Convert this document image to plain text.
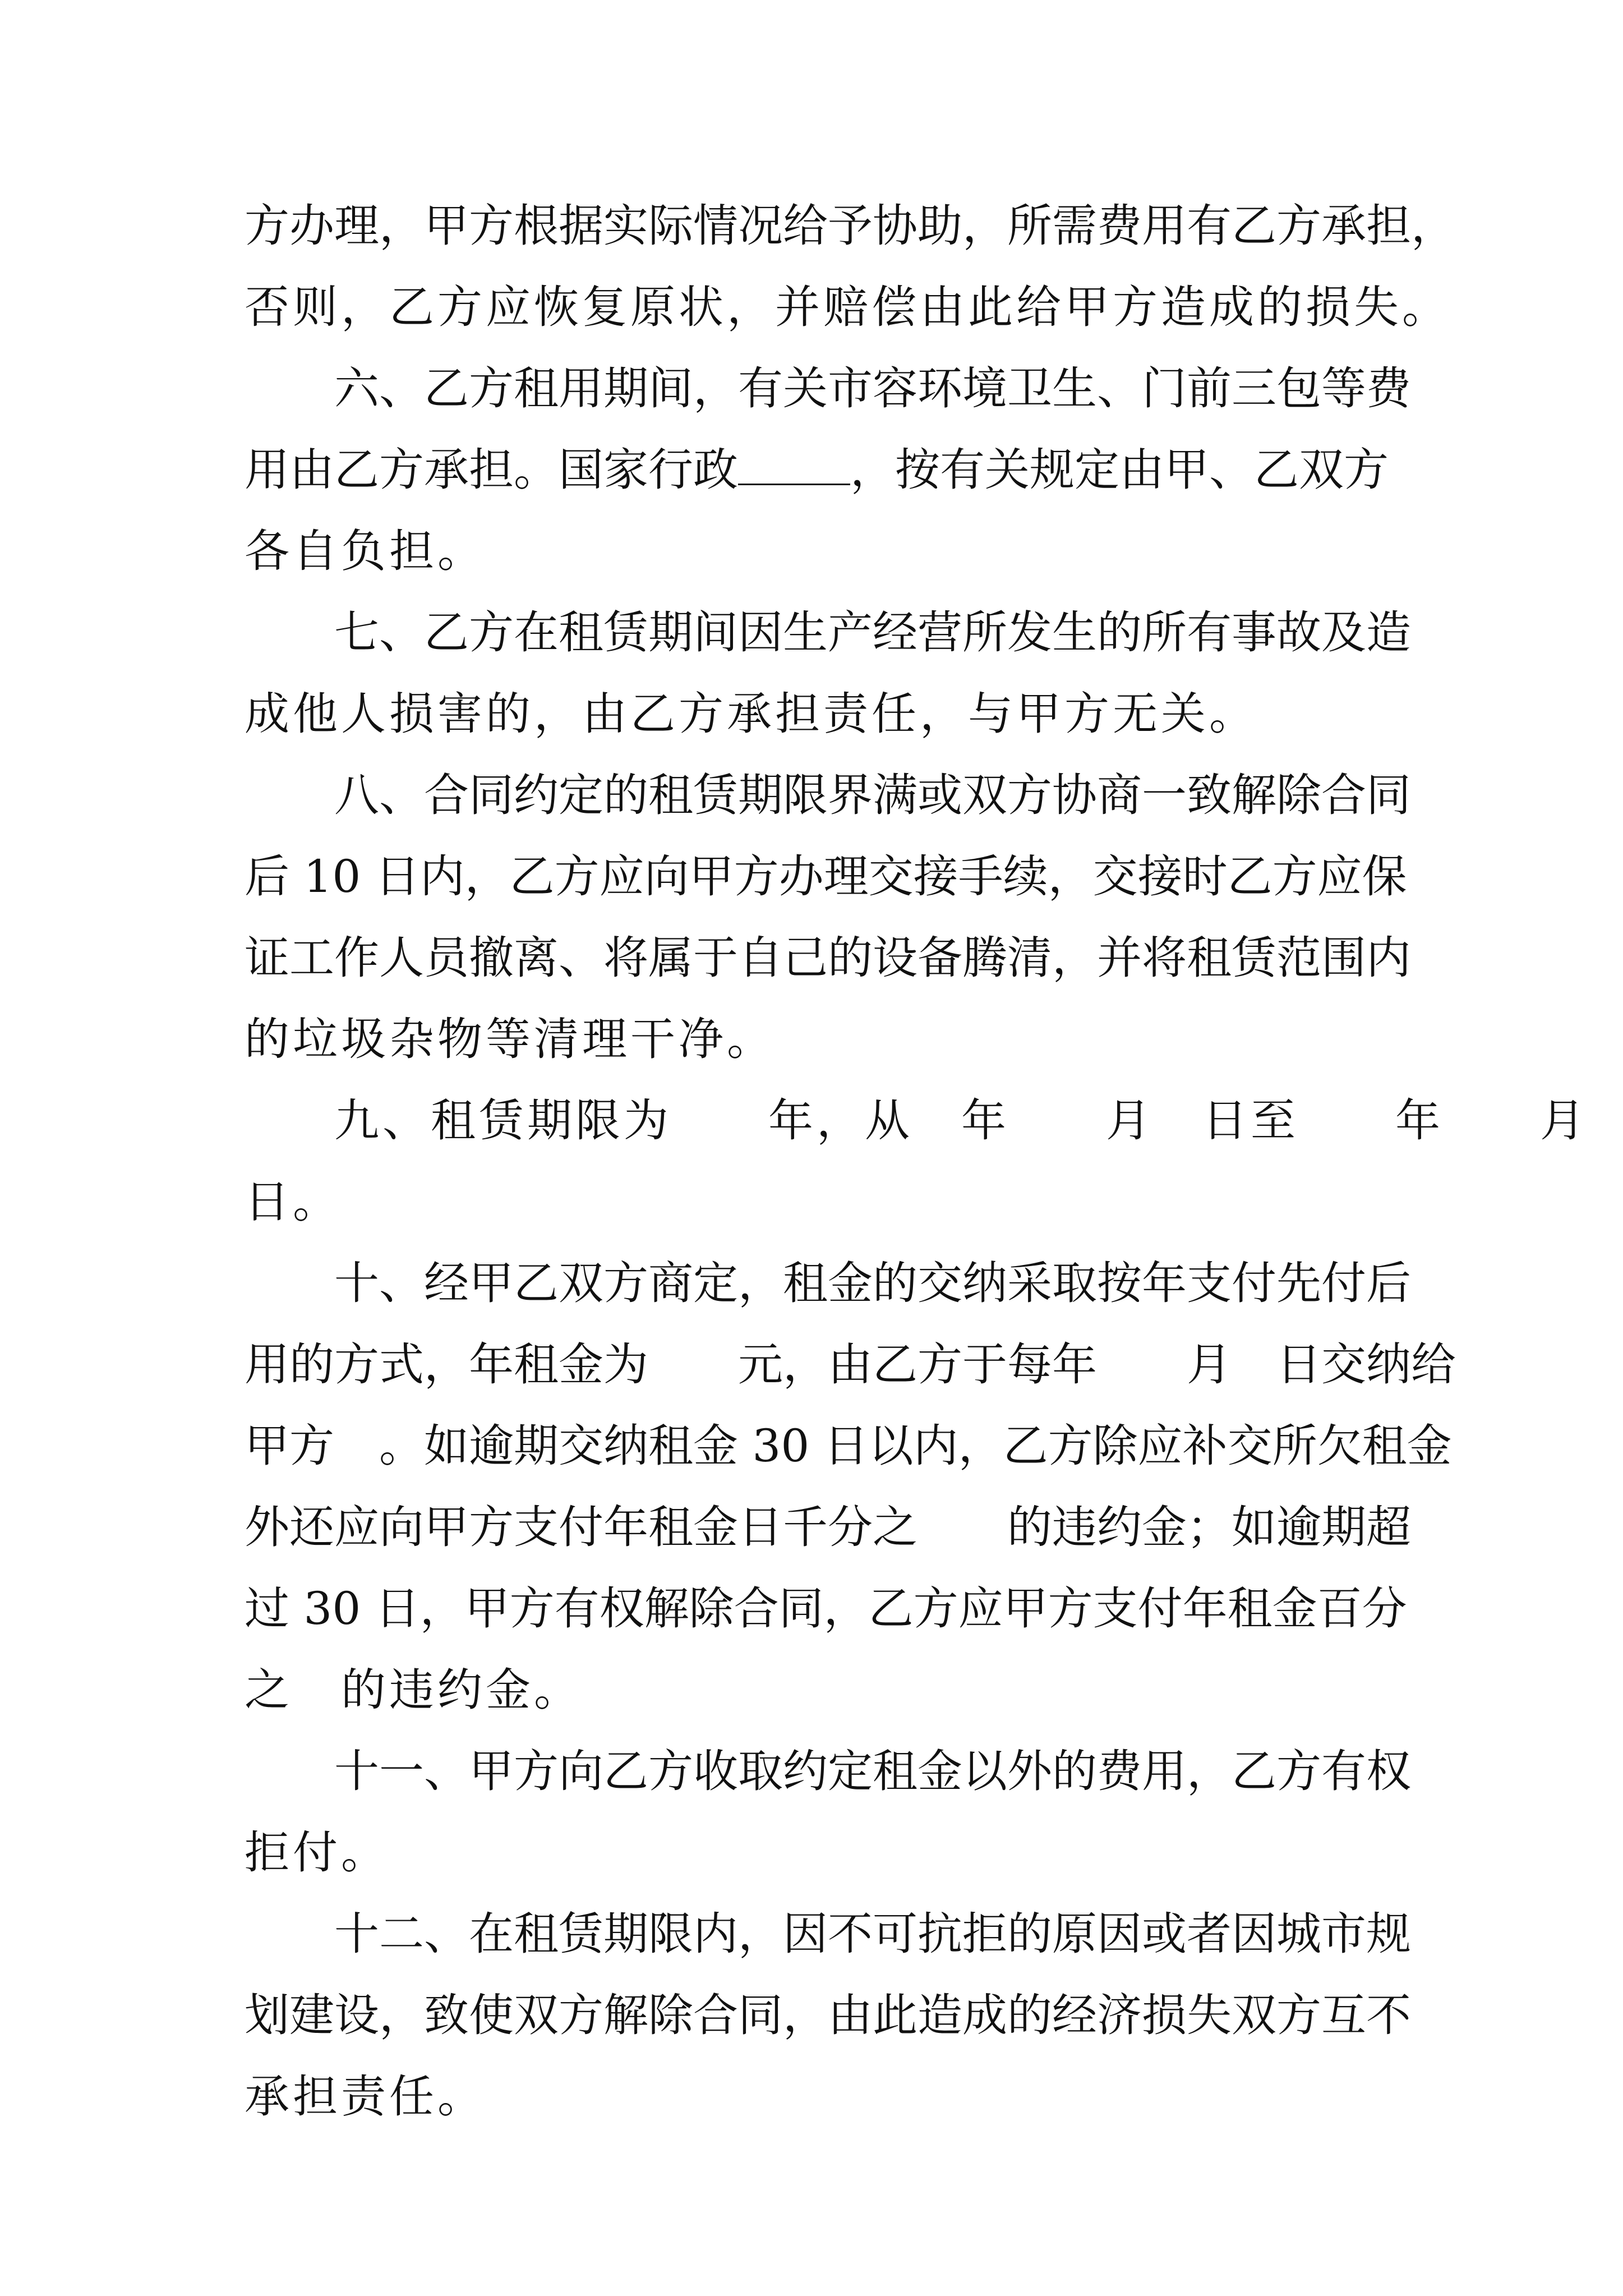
方办理，甲方根据实际情况给予协助，所需费用有乙方承担，

否则，乙方应恢复原状，并赔偿由此给甲方造成的损失。

六、乙方租用期间，有关市容环境卫生、门前三包等费

用由乙方承担。国家行政	，按有关规定由甲、乙双方

各自负担。

七、乙方在租赁期间因生产经营所发生的所有事故及造

成他人损害的，由乙方承担责任，与甲方无关。

八、合同约定的租赁期限界满或双方协商一致解除合同

后 10 日内，乙方应向甲方办理交接手续，交接时乙方应保

证工作人员撤离、将属于自己的设备腾清，并将租赁范围内

的垃圾杂物等清理干净。

九、租赁期限为　　年，从　年　　月　日至　　年　　月

日。

十、经甲乙双方商定，租金的交纳采取按年支付先付后

用的方式，年租金为　　元，由乙方于每年　　月　日交纳给

甲方　。如逾期交纳租金 30 日以内，乙方除应补交所欠租金

外还应向甲方支付年租金日千分之　　的违约金；如逾期超

过 30 日，甲方有权解除合同，乙方应甲方支付年租金百分

之　的违约金。

十一、甲方向乙方收取约定租金以外的费用，乙方有权

拒付。

十二、在租赁期限内，因不可抗拒的原因或者因城市规

划建设，致使双方解除合同，由此造成的经济损失双方互不

承担责任。
